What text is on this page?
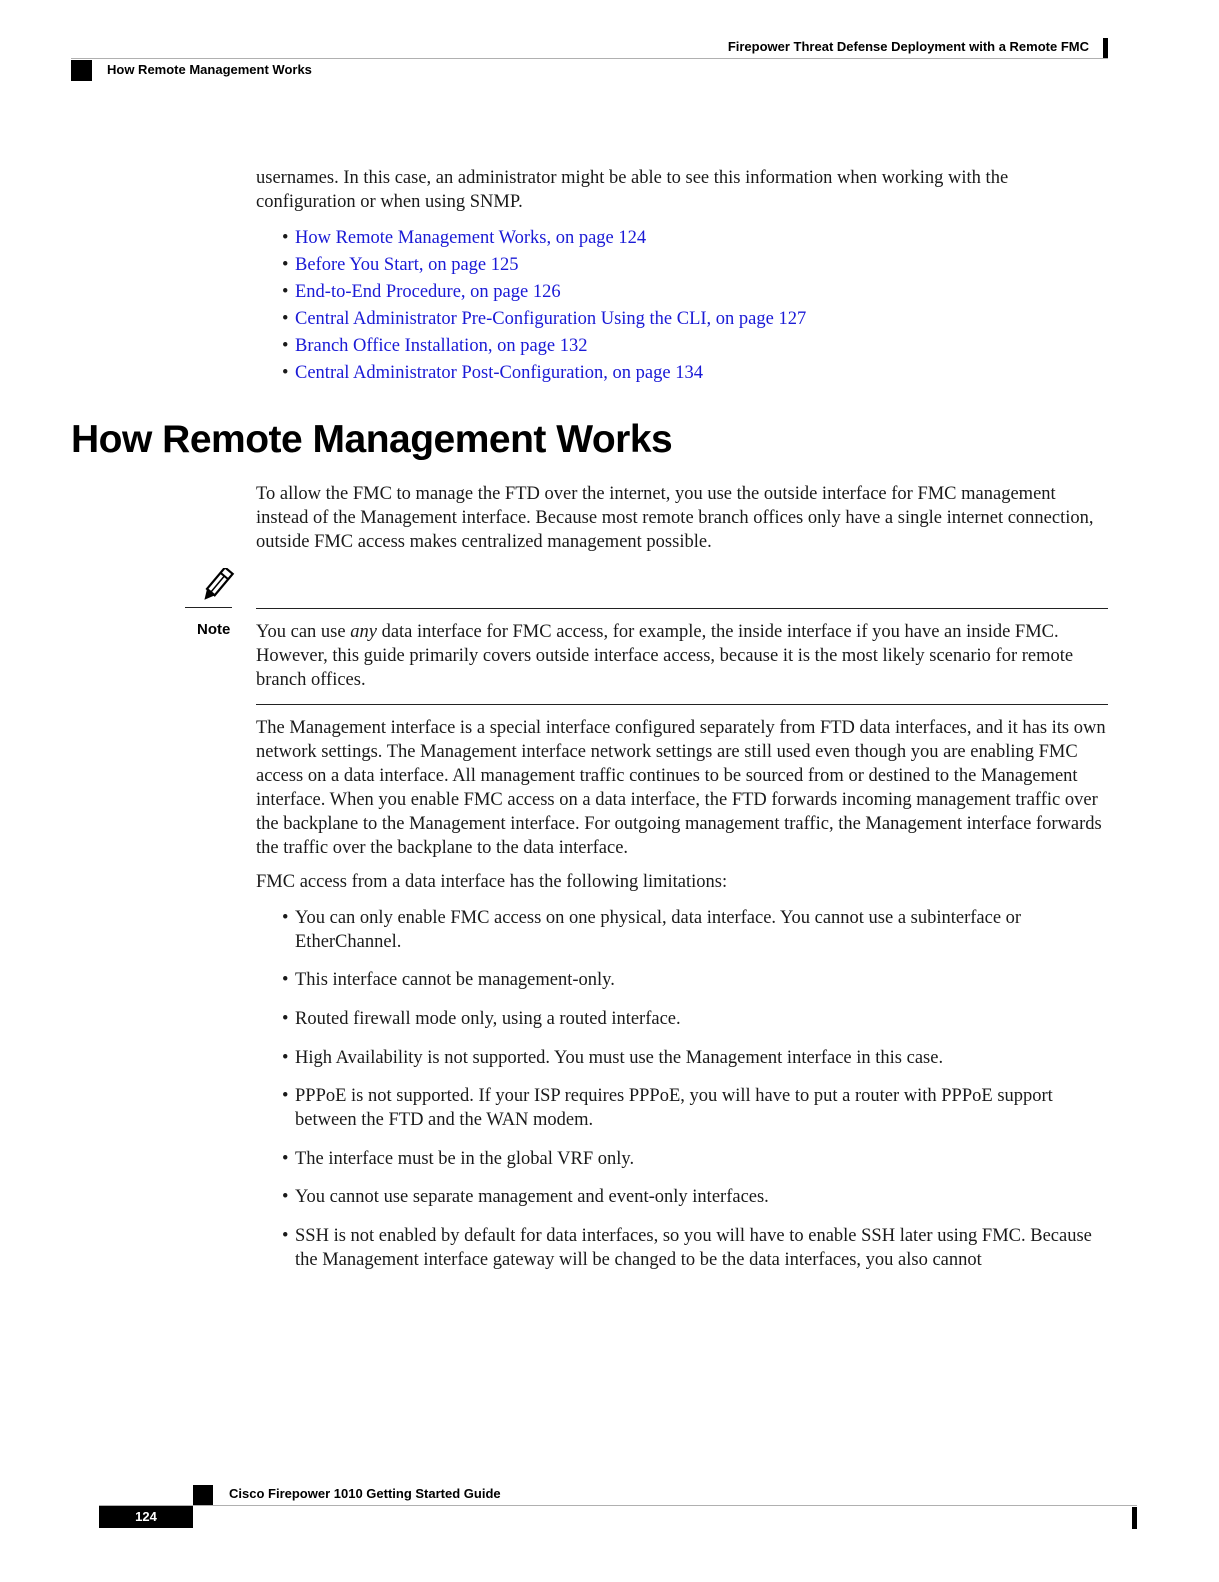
Firepower Threat Defense Deployment with a Remote FMC
How Remote Management Works

usernames. In this case, an administrator might be able to see this information when working with the configuration or when using SNMP.

• How Remote Management Works, on page 124
• Before You Start, on page 125
• End-to-End Procedure, on page 126
• Central Administrator Pre-Configuration Using the CLI, on page 127
• Branch Office Installation, on page 132
• Central Administrator Post-Configuration, on page 134
How Remote Management Works

To allow the FMC to manage the FTD over the internet, you use the outside interface for FMC management instead of the Management interface. Because most remote branch offices only have a single internet connection, outside FMC access makes centralized management possible.

Note You can use any data interface for FMC access, for example, the inside interface if you have an inside FMC. However, this guide primarily covers outside interface access, because it is the most likely scenario for remote branch offices.

The Management interface is a special interface configured separately from FTD data interfaces, and it has its own network settings. The Management interface network settings are still used even though you are enabling FMC access on a data interface. All management traffic continues to be sourced from or destined to the Management interface. When you enable FMC access on a data interface, the FTD forwards incoming management traffic over the backplane to the Management interface. For outgoing management traffic, the Management interface forwards the traffic over the backplane to the data interface.

FMC access from a data interface has the following limitations:

• You can only enable FMC access on one physical, data interface. You cannot use a subinterface or EtherChannel.
• This interface cannot be management-only.
• Routed firewall mode only, using a routed interface.
• High Availability is not supported. You must use the Management interface in this case.
• PPPoE is not supported. If your ISP requires PPPoE, you will have to put a router with PPPoE support between the FTD and the WAN modem.
• The interface must be in the global VRF only.
• You cannot use separate management and event-only interfaces.
• SSH is not enabled by default for data interfaces, so you will have to enable SSH later using FMC. Because the Management interface gateway will be changed to be the data interfaces, you also cannot
Cisco Firepower 1010 Getting Started Guide
124
